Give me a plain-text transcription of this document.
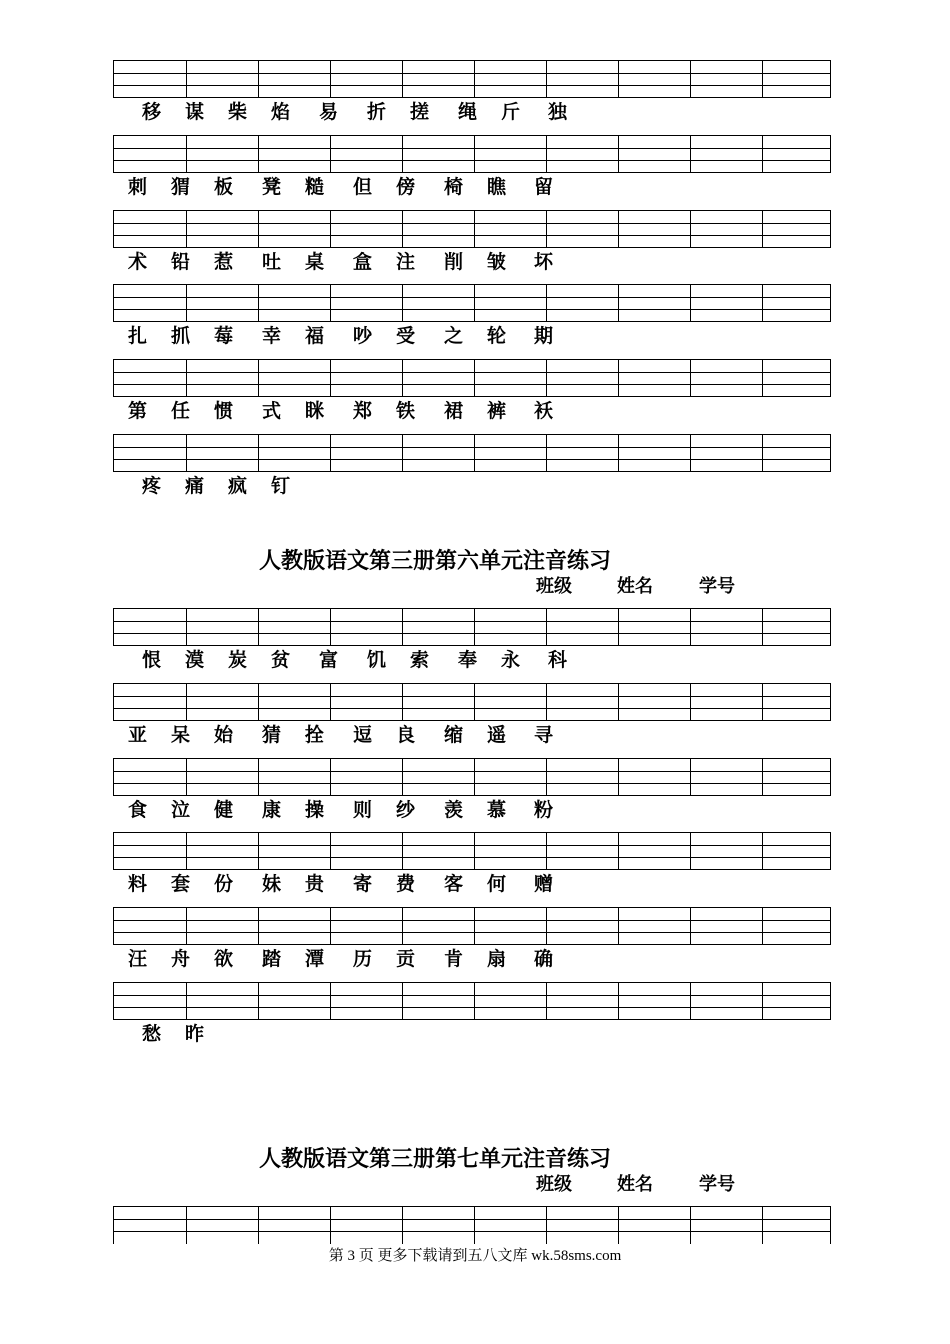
人教版语文第三册第六单元注音练习
班级	姓名	学号
人教版语文第三册第七单元注音练习
班级	姓名	学号
第 3 页 更多下载请到五八文库 wk.58sms.com
移 谋 柴 焰 易 折 搓 绳 斤 独
刺 猬 板 凳 糙 但 傍 椅 瞧 留
术 铅 惹 吐 桌 盒 注 削 皱 坏
扎 抓 莓 幸 福 吵 受 之 轮 期
第 任 惯 式 眯 郑 铁 裙 裤 袄
疼 痛 疯 钉
恨 漠 炭 贫 富 饥 索 奉 永 科
亚 呆 始 猜 拴 逗 良 缩 遥 寻
食 泣 健 康 操 则 纱 羡 慕 粉
料 套 份 妹 贵 寄 费 客 何 赠
汪 舟 欲 踏 潭 历 贡 肯 扇 确
愁 昨
